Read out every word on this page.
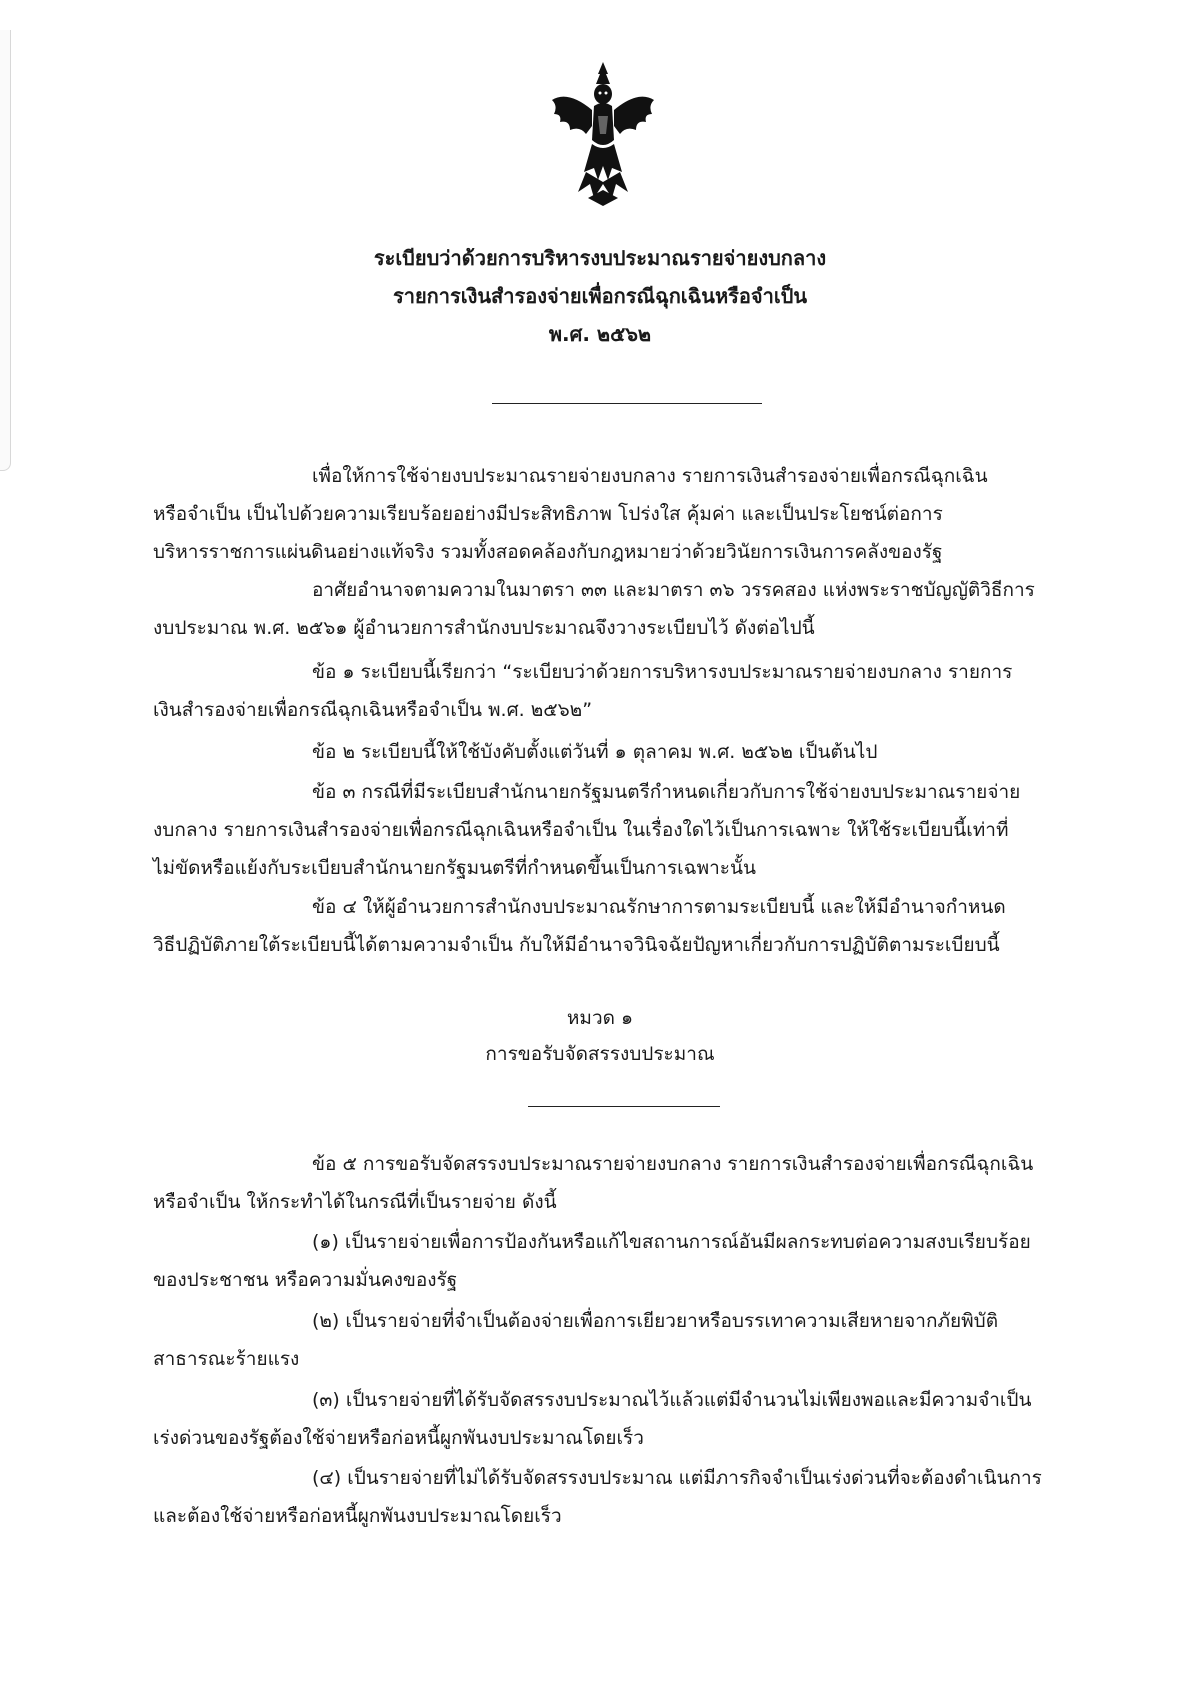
ระเบียบว่าด้วยการบริหารงบประมาณรายจ่ายงบกลาง
รายการเงินสำรองจ่ายเพื่อกรณีฉุกเฉินหรือจำเป็น
พ.ศ. ๒๕๖๒
เพื่อให้การใช้จ่ายงบประมาณรายจ่ายงบกลาง รายการเงินสำรองจ่ายเพื่อกรณีฉุกเฉิน
หรือจำเป็น เป็นไปด้วยความเรียบร้อยอย่างมีประสิทธิภาพ โปร่งใส คุ้มค่า และเป็นประโยชน์ต่อการ
บริหารราชการแผ่นดินอย่างแท้จริง รวมทั้งสอดคล้องกับกฎหมายว่าด้วยวินัยการเงินการคลังของรัฐ
อาศัยอำนาจตามความในมาตรา ๓๓ และมาตรา ๓๖ วรรคสอง แห่งพระราชบัญญัติวิธีการ
งบประมาณ พ.ศ. ๒๕๖๑ ผู้อำนวยการสำนักงบประมาณจึงวางระเบียบไว้ ดังต่อไปนี้
ข้อ ๑ ระเบียบนี้เรียกว่า “ระเบียบว่าด้วยการบริหารงบประมาณรายจ่ายงบกลาง รายการ
เงินสำรองจ่ายเพื่อกรณีฉุกเฉินหรือจำเป็น พ.ศ. ๒๕๖๒”
ข้อ ๒ ระเบียบนี้ให้ใช้บังคับตั้งแต่วันที่ ๑ ตุลาคม พ.ศ. ๒๕๖๒ เป็นต้นไป
ข้อ ๓ กรณีที่มีระเบียบสำนักนายกรัฐมนตรีกำหนดเกี่ยวกับการใช้จ่ายงบประมาณรายจ่าย
งบกลาง รายการเงินสำรองจ่ายเพื่อกรณีฉุกเฉินหรือจำเป็น ในเรื่องใดไว้เป็นการเฉพาะ ให้ใช้ระเบียบนี้เท่าที่
ไม่ขัดหรือแย้งกับระเบียบสำนักนายกรัฐมนตรีที่กำหนดขึ้นเป็นการเฉพาะนั้น
ข้อ ๔ ให้ผู้อำนวยการสำนักงบประมาณรักษาการตามระเบียบนี้ และให้มีอำนาจกำหนด
วิธีปฏิบัติภายใต้ระเบียบนี้ได้ตามความจำเป็น กับให้มีอำนาจวินิจฉัยปัญหาเกี่ยวกับการปฏิบัติตามระเบียบนี้
หมวด ๑
การขอรับจัดสรรงบประมาณ
ข้อ ๕ การขอรับจัดสรรงบประมาณรายจ่ายงบกลาง รายการเงินสำรองจ่ายเพื่อกรณีฉุกเฉิน
หรือจำเป็น ให้กระทำได้ในกรณีที่เป็นรายจ่าย ดังนี้
(๑) เป็นรายจ่ายเพื่อการป้องกันหรือแก้ไขสถานการณ์อันมีผลกระทบต่อความสงบเรียบร้อย
ของประชาชน หรือความมั่นคงของรัฐ
(๒) เป็นรายจ่ายที่จำเป็นต้องจ่ายเพื่อการเยียวยาหรือบรรเทาความเสียหายจากภัยพิบัติ
สาธารณะร้ายแรง
(๓) เป็นรายจ่ายที่ได้รับจัดสรรงบประมาณไว้แล้วแต่มีจำนวนไม่เพียงพอและมีความจำเป็น
เร่งด่วนของรัฐต้องใช้จ่ายหรือก่อหนี้ผูกพันงบประมาณโดยเร็ว
(๔) เป็นรายจ่ายที่ไม่ได้รับจัดสรรงบประมาณ แต่มีภารกิจจำเป็นเร่งด่วนที่จะต้องดำเนินการ
และต้องใช้จ่ายหรือก่อหนี้ผูกพันงบประมาณโดยเร็ว
